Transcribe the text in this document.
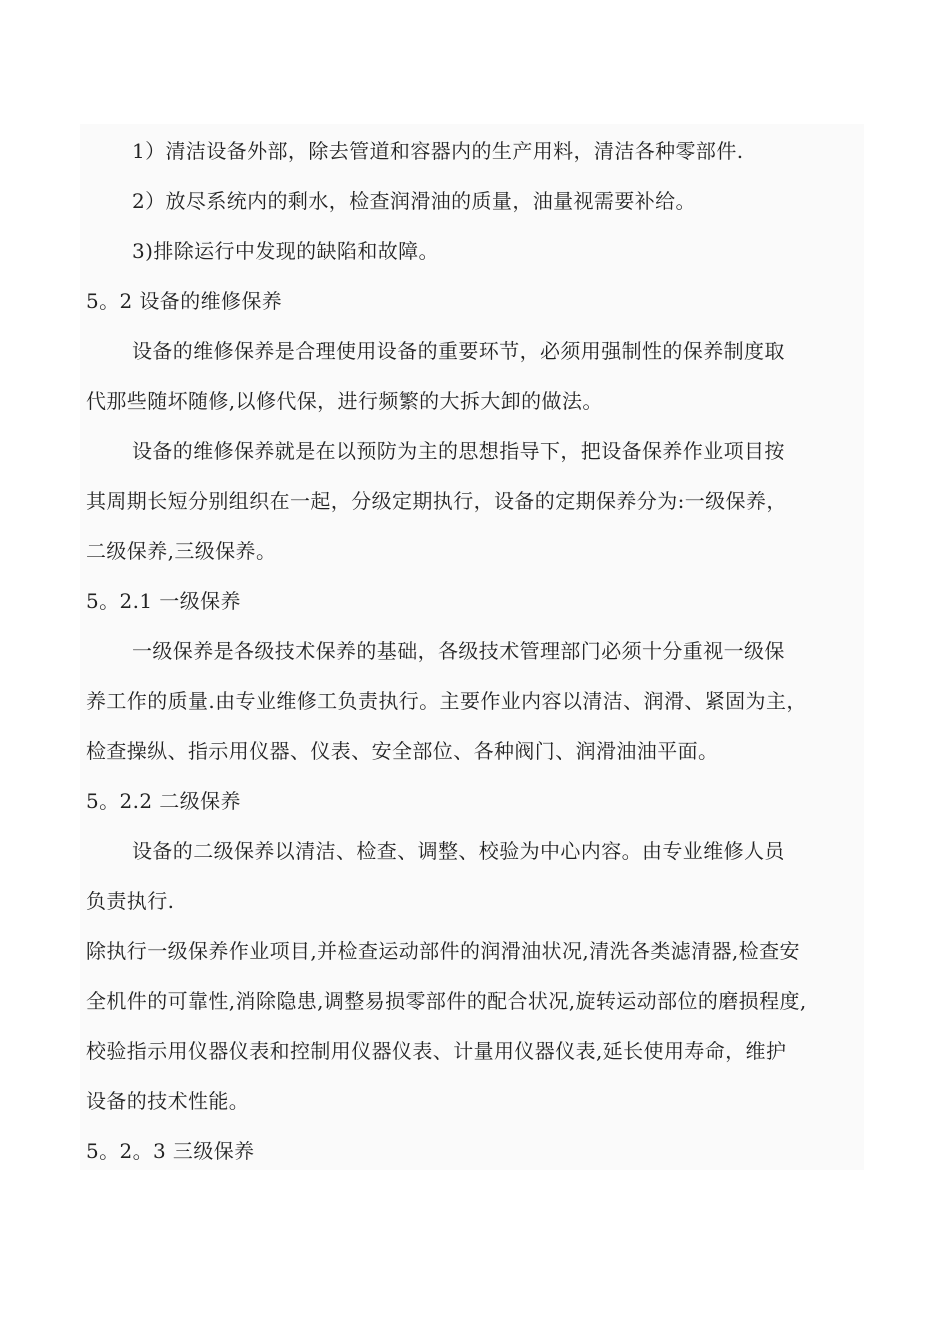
1）清洁设备外部，除去管道和容器内的生产用料，清洁各种零部件.
2）放尽系统内的剩水，检查润滑油的质量，油量视需要补给。
3)排除运行中发现的缺陷和故障。
5。2 设备的维修保养
设备的维修保养是合理使用设备的重要环节，必须用强制性的保养制度取
代那些随坏随修,以修代保，进行频繁的大拆大卸的做法。
设备的维修保养就是在以预防为主的思想指导下，把设备保养作业项目按
其周期长短分别组织在一起，分级定期执行，设备的定期保养分为:一级保养，
二级保养,三级保养。
5。2.1 一级保养
一级保养是各级技术保养的基础，各级技术管理部门必须十分重视一级保
养工作的质量.由专业维修工负责执行。主要作业内容以清洁、润滑、紧固为主，
检查操纵、指示用仪器、仪表、安全部位、各种阀门、润滑油油平面。
5。2.2 二级保养
设备的二级保养以清洁、检查、调整、校验为中心内容。由专业维修人员
负责执行.
除执行一级保养作业项目,并检查运动部件的润滑油状况,清洗各类滤清器,检查安
全机件的可靠性,消除隐患,调整易损零部件的配合状况,旋转运动部位的磨损程度,
校验指示用仪器仪表和控制用仪器仪表、计量用仪器仪表,延长使用寿命，维护
设备的技术性能。
5。2。3 三级保养
